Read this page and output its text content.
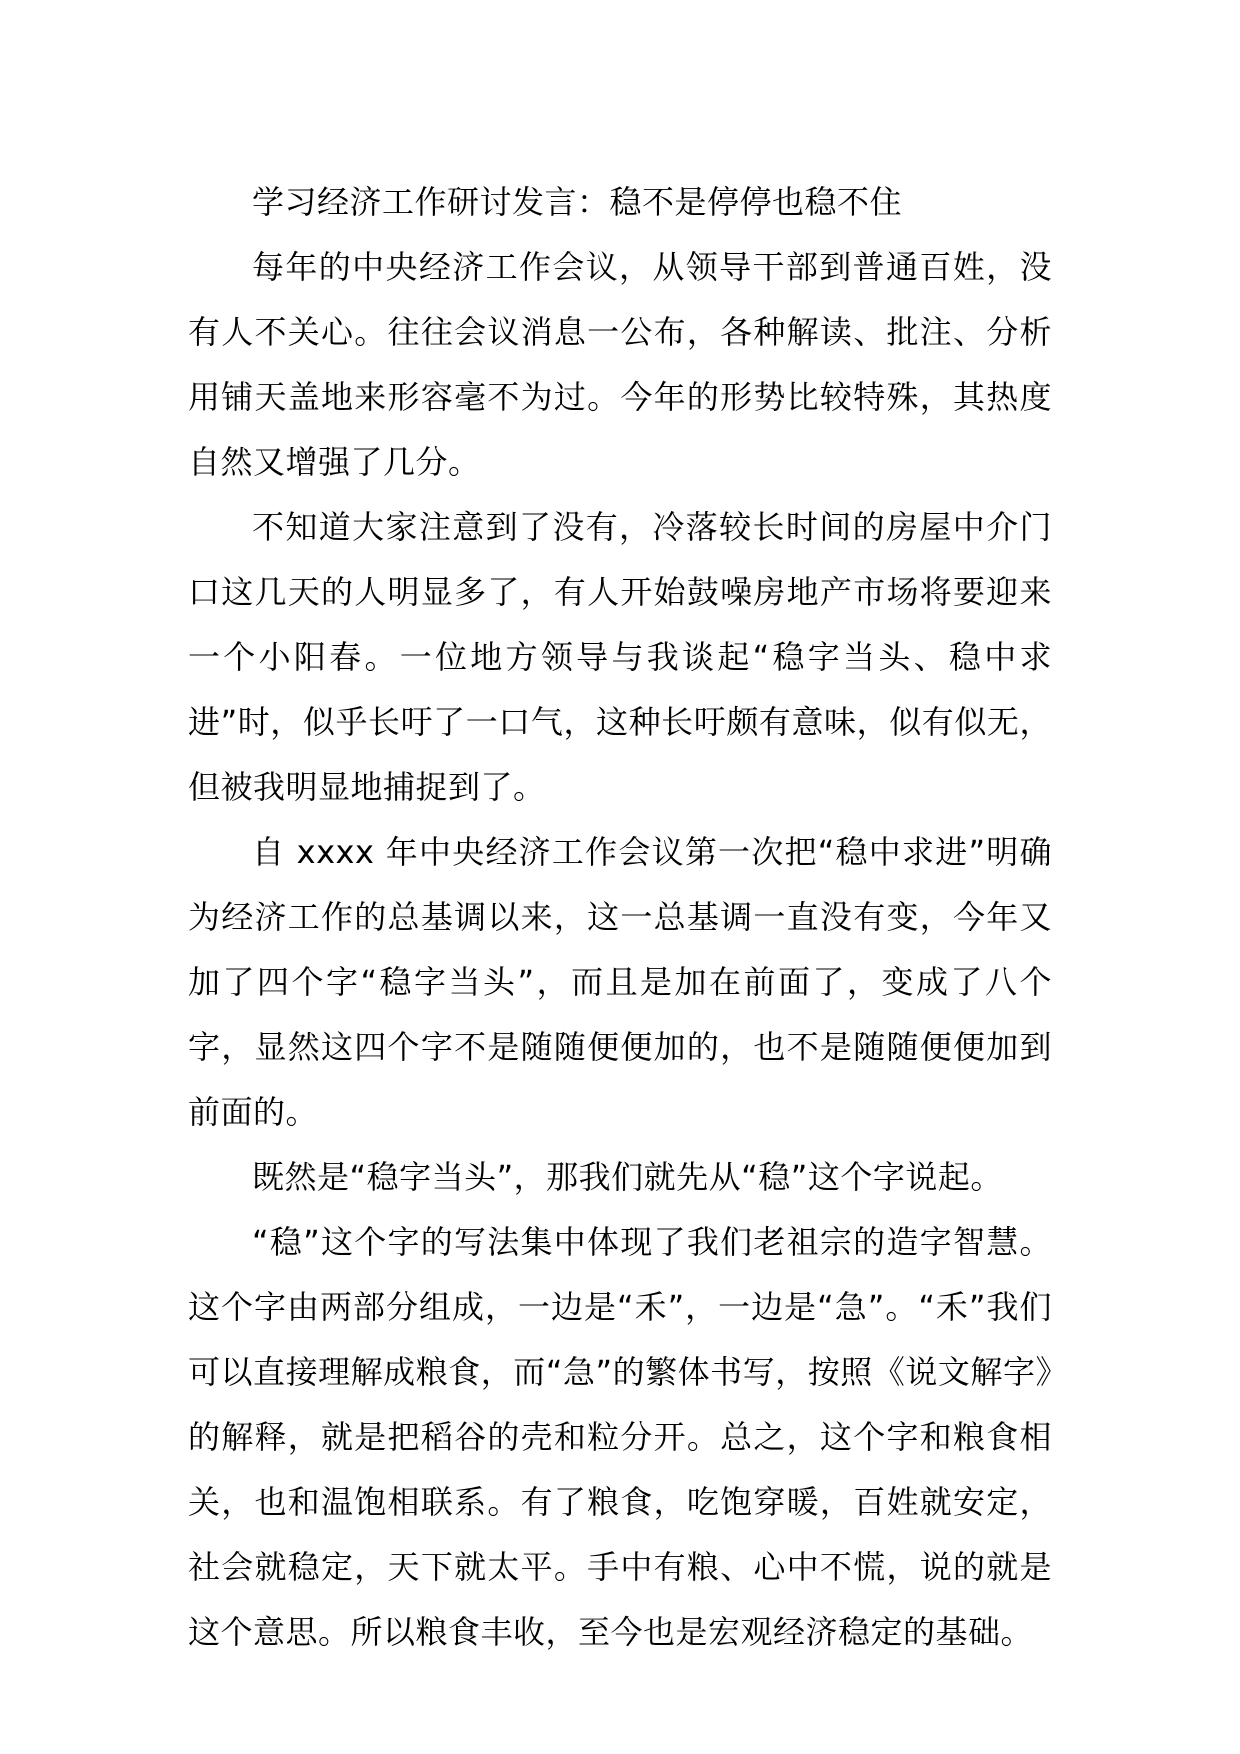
学习经济工作研讨发言：稳不是停停也稳不住

每年的中央经济工作会议，从领导干部到普通百姓，没有人不关心。往往会议消息一公布，各种解读、批注、分析用铺天盖地来形容毫不为过。今年的形势比较特殊，其热度自然又增强了几分。

不知道大家注意到了没有，冷落较长时间的房屋中介门口这几天的人明显多了，有人开始鼓噪房地产市场将要迎来一个小阳春。一位地方领导与我谈起“稳字当头、稳中求进”时，似乎长吁了一口气，这种长吁颇有意味，似有似无，但被我明显地捕捉到了。

自 xxxx 年中央经济工作会议第一次把“稳中求进”明确为经济工作的总基调以来，这一总基调一直没有变，今年又加了四个字“稳字当头”，而且是加在前面了，变成了八个字，显然这四个字不是随随便便加的，也不是随随便便加到前面的。

既然是“稳字当头”，那我们就先从“稳”这个字说起。

“稳”这个字的写法集中体现了我们老祖宗的造字智慧。这个字由两部分组成，一边是“禾”，一边是“急”。“禾”我们可以直接理解成粮食，而“急”的繁体书写，按照《说文解字》的解释，就是把稻谷的壳和粒分开。总之，这个字和粮食相关，也和温饱相联系。有了粮食，吃饱穿暖，百姓就安定，社会就稳定，天下就太平。手中有粮、心中不慌，说的就是这个意思。所以粮食丰收，至今也是宏观经济稳定的基础。
